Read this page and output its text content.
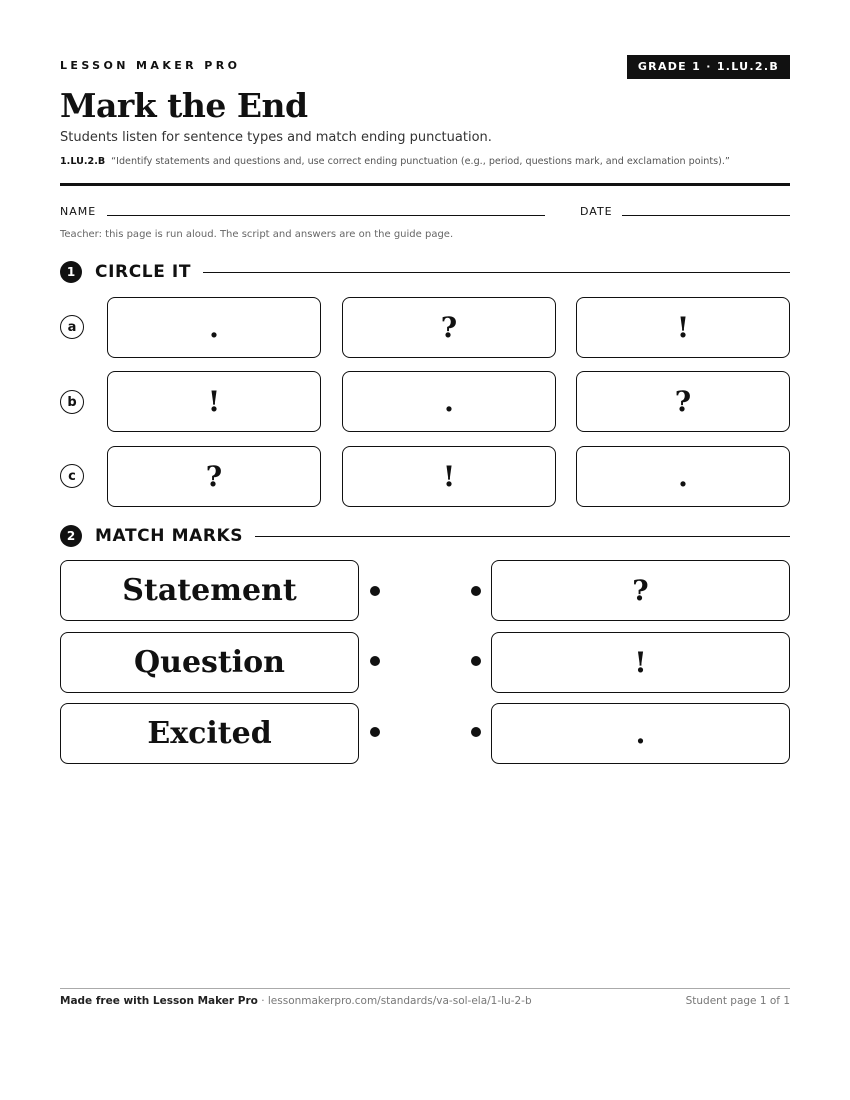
LESSON MAKER PRO	GRADE 1 · 1.LU.2.B
Mark the End
Students listen for sentence types and match ending punctuation.
1.LU.2.B “Identify statements and questions and, use correct ending punctuation (e.g., period, questions mark, and exclamation points).”
NAME	DATE
Teacher: this page is run aloud. The script and answers are on the guide page.
1	CIRCLE IT
a	.	?	!
b	!	.	?
c	?	!	.
2	MATCH MARKS
Statement	?
Question	!
Excited	.
Made free with Lesson Maker Pro · lessonmakerpro.com/standards/va-sol-ela/1-lu-2-b	Student page 1 of 1
